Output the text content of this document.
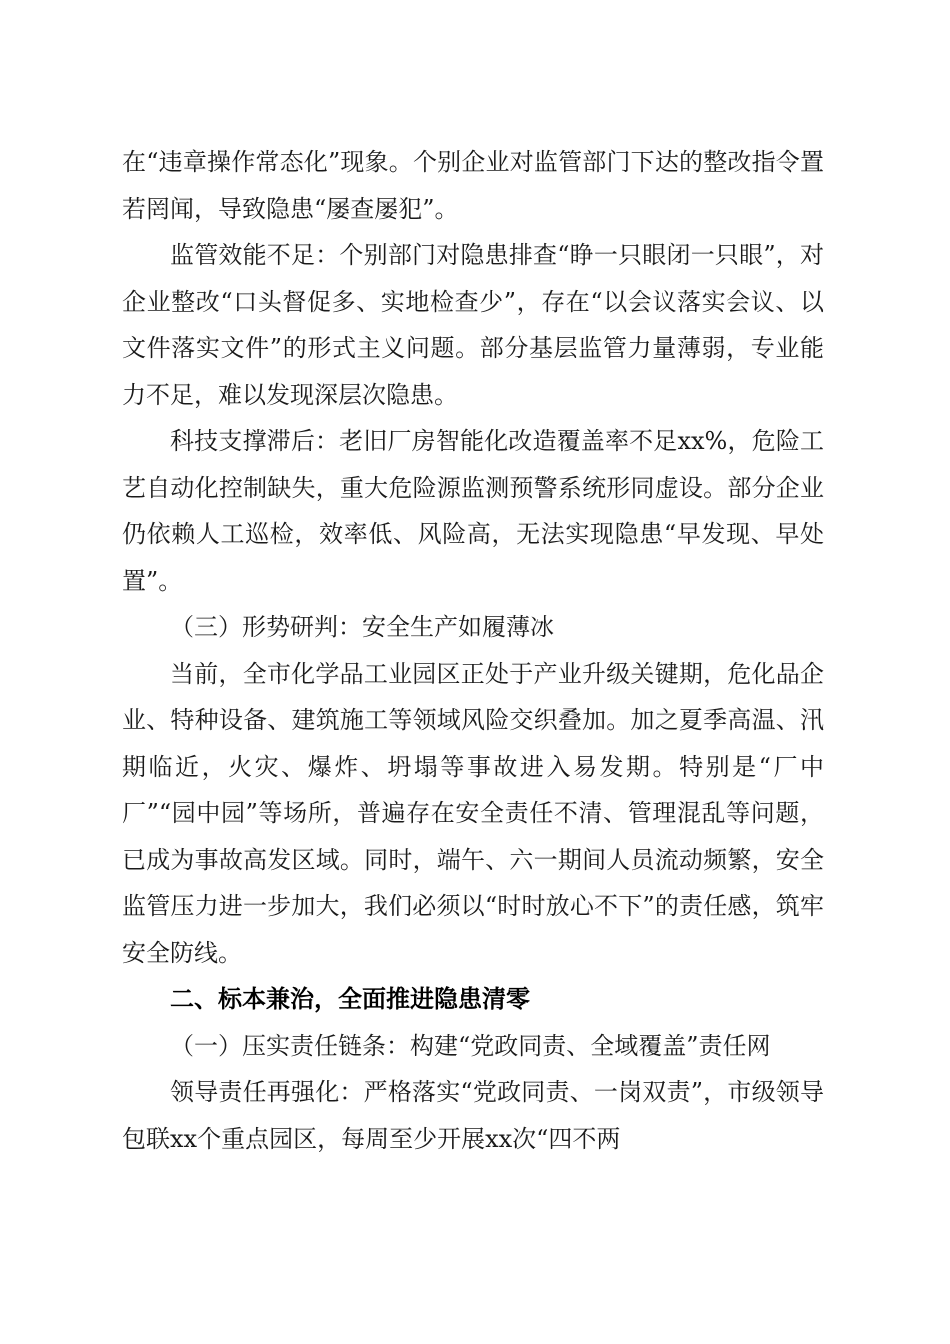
在“违章操作常态化”现象。个别企业对监管部门下达的整改指令置若罔闻，导致隐患“屡查屡犯”。

监管效能不足：个别部门对隐患排查“睁一只眼闭一只眼”，对企业整改“口头督促多、实地检查少”，存在“以会议落实会议、以文件落实文件”的形式主义问题。部分基层监管力量薄弱，专业能力不足，难以发现深层次隐患。

科技支撑滞后：老旧厂房智能化改造覆盖率不足xx%，危险工艺自动化控制缺失，重大危险源监测预警系统形同虚设。部分企业仍依赖人工巡检，效率低、风险高，无法实现隐患“早发现、早处置”。

（三）形势研判：安全生产如履薄冰

当前，全市化学品工业园区正处于产业升级关键期，危化品企业、特种设备、建筑施工等领域风险交织叠加。加之夏季高温、汛期临近，火灾、爆炸、坍塌等事故进入易发期。特别是“厂中厂”“园中园”等场所，普遍存在安全责任不清、管理混乱等问题，已成为事故高发区域。同时，端午、六一期间人员流动频繁，安全监管压力进一步加大，我们必须以“时时放心不下”的责任感，筑牢安全防线。

二、标本兼治，全面推进隐患清零

（一）压实责任链条：构建“党政同责、全域覆盖”责任网

领导责任再强化：严格落实“党政同责、一岗双责”，市级领导包联xx个重点园区，每周至少开展xx次“四不两
